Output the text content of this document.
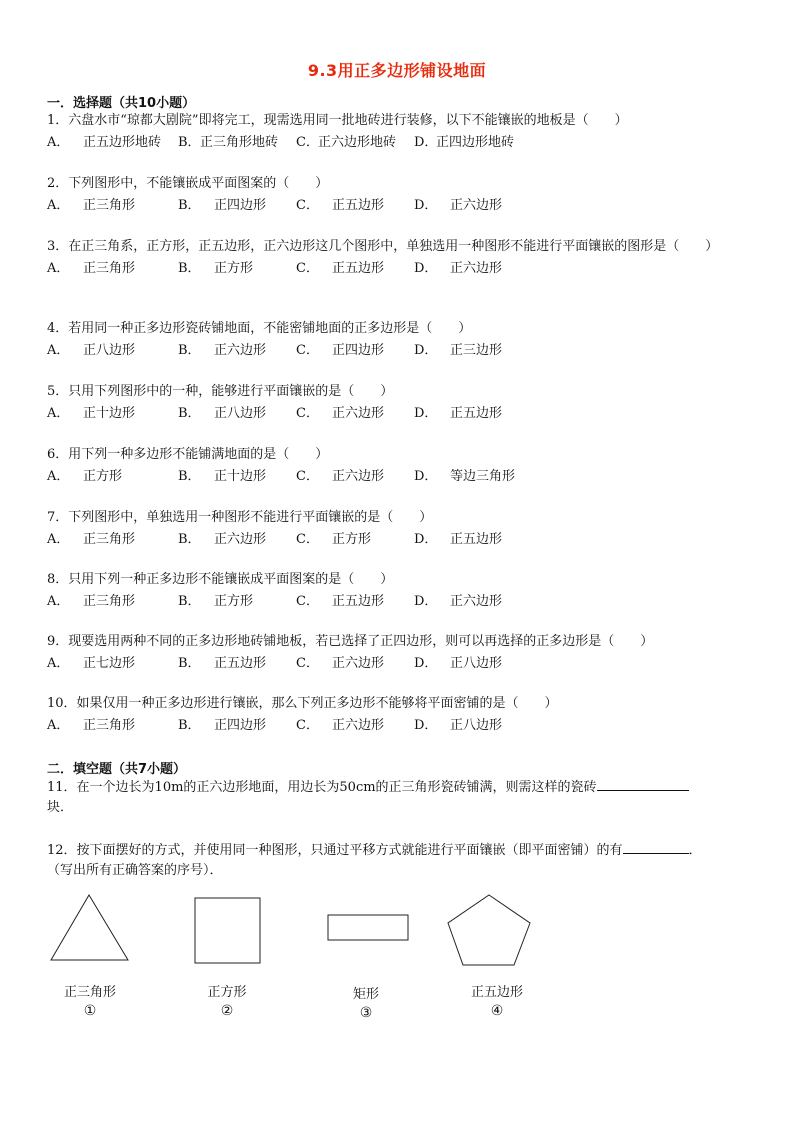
9.3用正多边形铺设地面
一．选择题（共10小题）
1．六盘水市“琼都大剧院”即将完工，现需选用同一批地砖进行装修，以下不能镶嵌的地板是（　　）
A． 正五边形地砖	B．正三角形地砖	C．正六边形地砖	D．正四边形地砖
2．下列图形中，不能镶嵌成平面图案的（　　）
A． 正三角形	B． 正四边形	C． 正五边形	D． 正六边形
3．在正三角系，正方形，正五边形，正六边形这几个图形中，单独选用一种图形不能进行平面镶嵌的图形是（　　）
A． 正三角形	B． 正方形	C． 正五边形	D． 正六边形
4．若用同一种正多边形瓷砖铺地面，不能密铺地面的正多边形是（　　）
A． 正八边形	B． 正六边形	C． 正四边形	D． 正三边形
5．只用下列图形中的一种，能够进行平面镶嵌的是（　　）
A． 正十边形	B． 正八边形	C． 正六边形	D． 正五边形
6．用下列一种多边形不能铺满地面的是（　　）
A． 正方形	B． 正十边形	C． 正六边形	D． 等边三角形
7．下列图形中，单独选用一种图形不能进行平面镶嵌的是（　　）
A． 正三角形	B． 正六边形	C． 正方形	D． 正五边形
8．只用下列一种正多边形不能镶嵌成平面图案的是（　　）
A． 正三角形	B． 正方形	C． 正五边形	D． 正六边形
9．现要选用两种不同的正多边形地砖铺地板，若已选择了正四边形，则可以再选择的正多边形是（　　）
A． 正七边形	B． 正五边形	C． 正六边形	D． 正八边形
10．如果仅用一种正多边形进行镶嵌，那么下列正多边形不能够将平面密铺的是（　　）
A． 正三角形	B． 正四边形	C． 正六边形	D． 正八边形
二．填空题（共7小题）
11．在一个边长为10m的正六边形地面，用边长为50cm的正三角形瓷砖铺满，则需这样的瓷砖
块．
12．按下面摆好的方式，并使用同一种图形，只通过平移方式就能进行平面镶嵌（即平面密铺）的有	．
（写出所有正确答案的序号）．
正三角形
①
正方形
②
矩形
③
正五边形
④
